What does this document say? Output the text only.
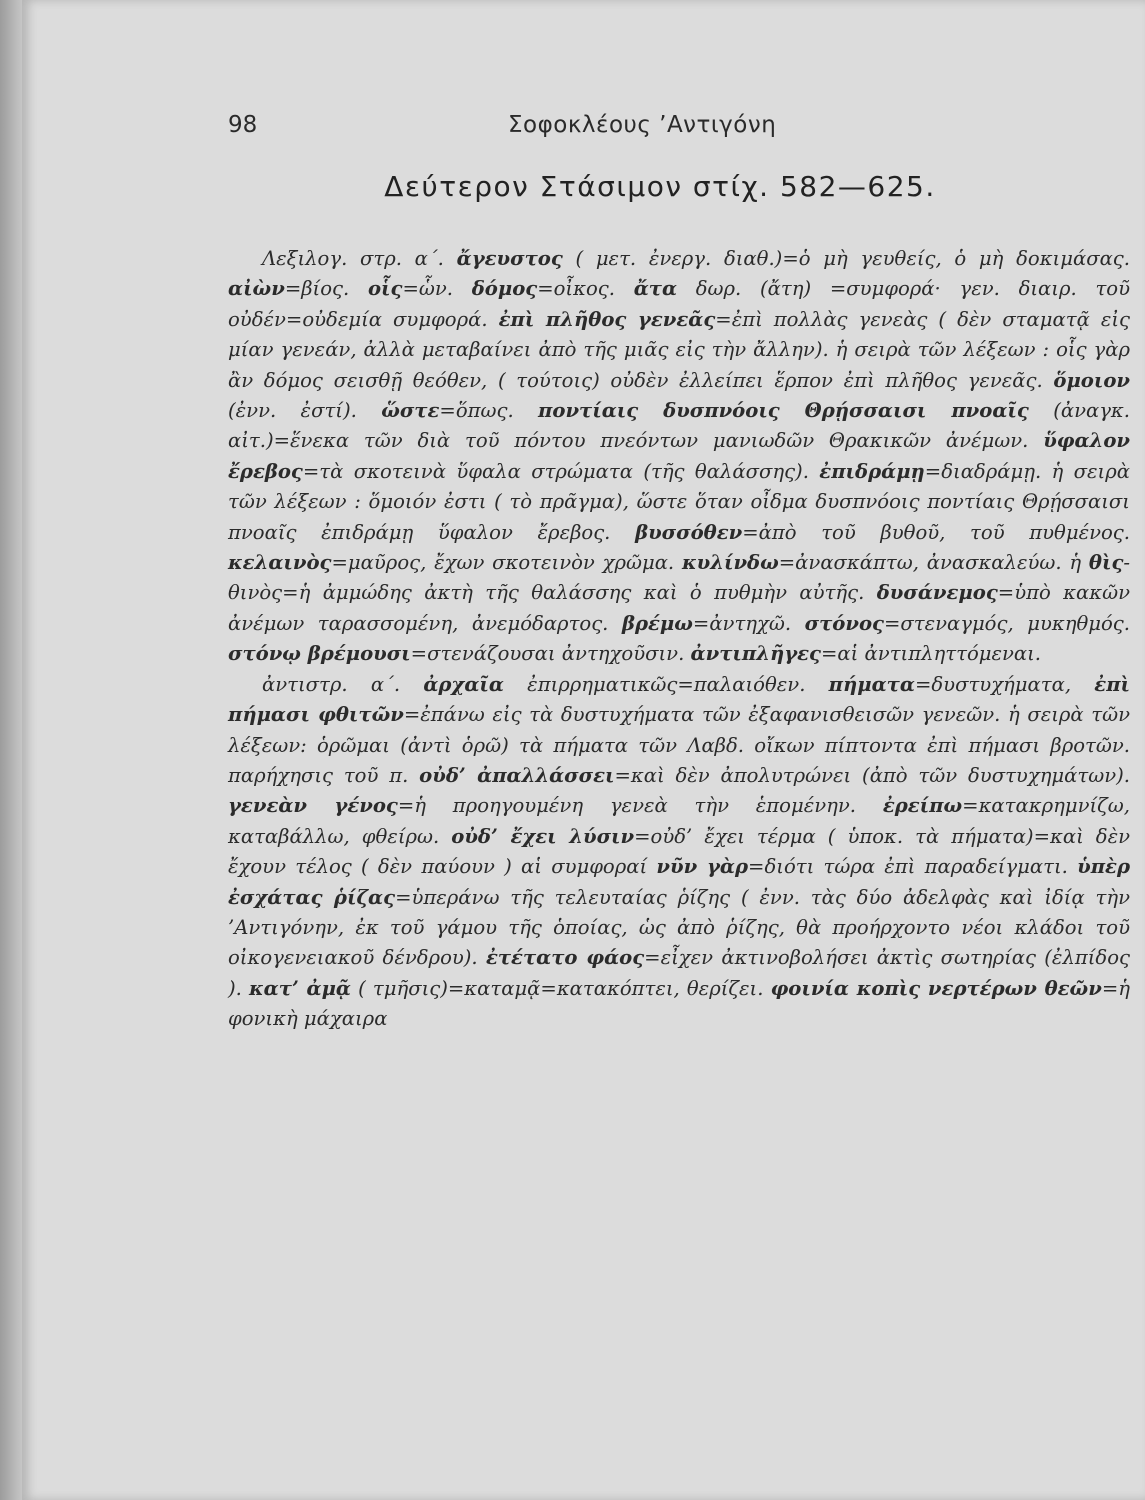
98	Σοφοκλέους ’Αντιγόνη
Δεύτερον Στάσιμον στίχ. 582—625.

Λεξιλογ. στρ. α΄. ἄγευστος ( μετ. ἐνεργ. διαθ.)=ὁ μὴ γευθείς, ὁ μὴ δοκιμάσας. αἰὼν=βίος. οἷς=ὧν. δόμος=οἶκος. ἄτα δωρ. (ἄτη) =συμφορά· γεν. διαιρ. τοῦ οὐδέν=οὐδεμία συμφορά. ἐπὶ πλῆθος γενεᾶς=ἐπὶ πολλὰς γενεὰς ( δὲν σταματᾷ εἰς μίαν γενεάν, ἀλλὰ μεταβαίνει ἀπὸ τῆς μιᾶς εἰς τὴν ἄλλην). ἡ σειρὰ τῶν λέξεων : οἷς γὰρ ἂν δόμος σεισθῇ θεόθεν, ( τούτοις) οὐδὲν ἐλλείπει ἕρπον ἐπὶ πλῆθος γενεᾶς. ὅμοιον (ἐνν. ἐστί). ὥστε=ὅπως. ποντίαις δυσπνόοις Θρῄσσαισι πνοαῖς (ἀναγκ. αἰτ.)=ἕνεκα τῶν διὰ τοῦ πόντου πνεόντων μανιωδῶν Θρακικῶν ἀνέμων. ὕφαλον ἔρεβος=τὰ σκοτεινὰ ὕφαλα στρώματα (τῆς θαλάσσης). ἐπιδράμῃ=διαδράμῃ. ἡ σειρὰ τῶν λέξεων : ὅμοιόν ἐστι ( τὸ πρᾶγμα), ὥστε ὅταν οἶδμα δυσπνόοις ποντίαις Θρῄσσαισι πνοαῖς ἐπιδράμῃ ὕφαλον ἔρεβος. βυσσόθεν=ἀπὸ τοῦ βυθοῦ, τοῦ πυθμένος. κελαινὸς=μαῦρος, ἔχων σκοτεινὸν χρῶμα. κυλίνδω=ἀνασκάπτω, ἀνασκαλεύω. ἡ θὶς-θινὸς=ἡ ἀμμώδης ἀκτὴ τῆς θαλάσσης καὶ ὁ πυθμὴν αὐτῆς. δυσάνεμος=ὑπὸ κακῶν ἀνέμων ταρασσομένη, ἀνεμόδαρτος. βρέμω=ἀντηχῶ. στόνος=στεναγμός, μυκηθμός. στόνῳ βρέμουσι=στενάζουσαι ἀντηχοῦσιν. ἀντιπλῆγες=αἱ ἀντιπληττόμεναι.

ἀντιστρ. α΄. ἀρχαῖα ἐπιρρηματικῶς=παλαιόθεν. πήματα=δυστυχήματα, ἐπὶ πήμασι φθιτῶν=ἐπάνω εἰς τὰ δυστυχήματα τῶν ἐξαφανισθεισῶν γενεῶν. ἡ σειρὰ τῶν λέξεων: ὁρῶμαι (ἀντὶ ὁρῶ) τὰ πήματα τῶν Λαβδ. οἴκων πίπτοντα ἐπὶ πήμασι βροτῶν. παρήχησις τοῦ π. οὐδ’ ἀπαλλάσσει=καὶ δὲν ἀπολυτρώνει (ἀπὸ τῶν δυστυχημάτων). γενεὰν γένος=ἡ προηγουμένη γενεὰ τὴν ἑπομένην. ἐρείπω=κατακρημνίζω, καταβάλλω, φθείρω. οὐδ’ ἔχει λύσιν=οὐδ’ ἔχει τέρμα ( ὑποκ. τὰ πήματα)=καὶ δὲν ἔχουν τέλος ( δὲν παύουν ) αἱ συμφοραί νῦν γὰρ=διότι τώρα ἐπὶ παραδείγματι. ὑπὲρ ἐσχάτας ῥίζας=ὑπεράνω τῆς τελευταίας ῥίζης ( ἐνν. τὰς δύο ἀδελφὰς καὶ ἰδίᾳ τὴν ’Αντιγόνην, ἐκ τοῦ γάμου τῆς ὁποίας, ὡς ἀπὸ ῥίζης, θὰ προήρχοντο νέοι κλάδοι τοῦ οἰκογενειακοῦ δένδρου). ἐτέτατο φάος=εἶχεν ἀκτινοβολήσει ἀκτὶς σωτηρίας (ἐλπίδος ). κατ’ ἀμᾷ ( τμῆσις)=καταμᾷ=κατακόπτει, θερίζει. φοινία κοπὶς νερτέρων θεῶν=ἡ φονικὴ μάχαιρα
